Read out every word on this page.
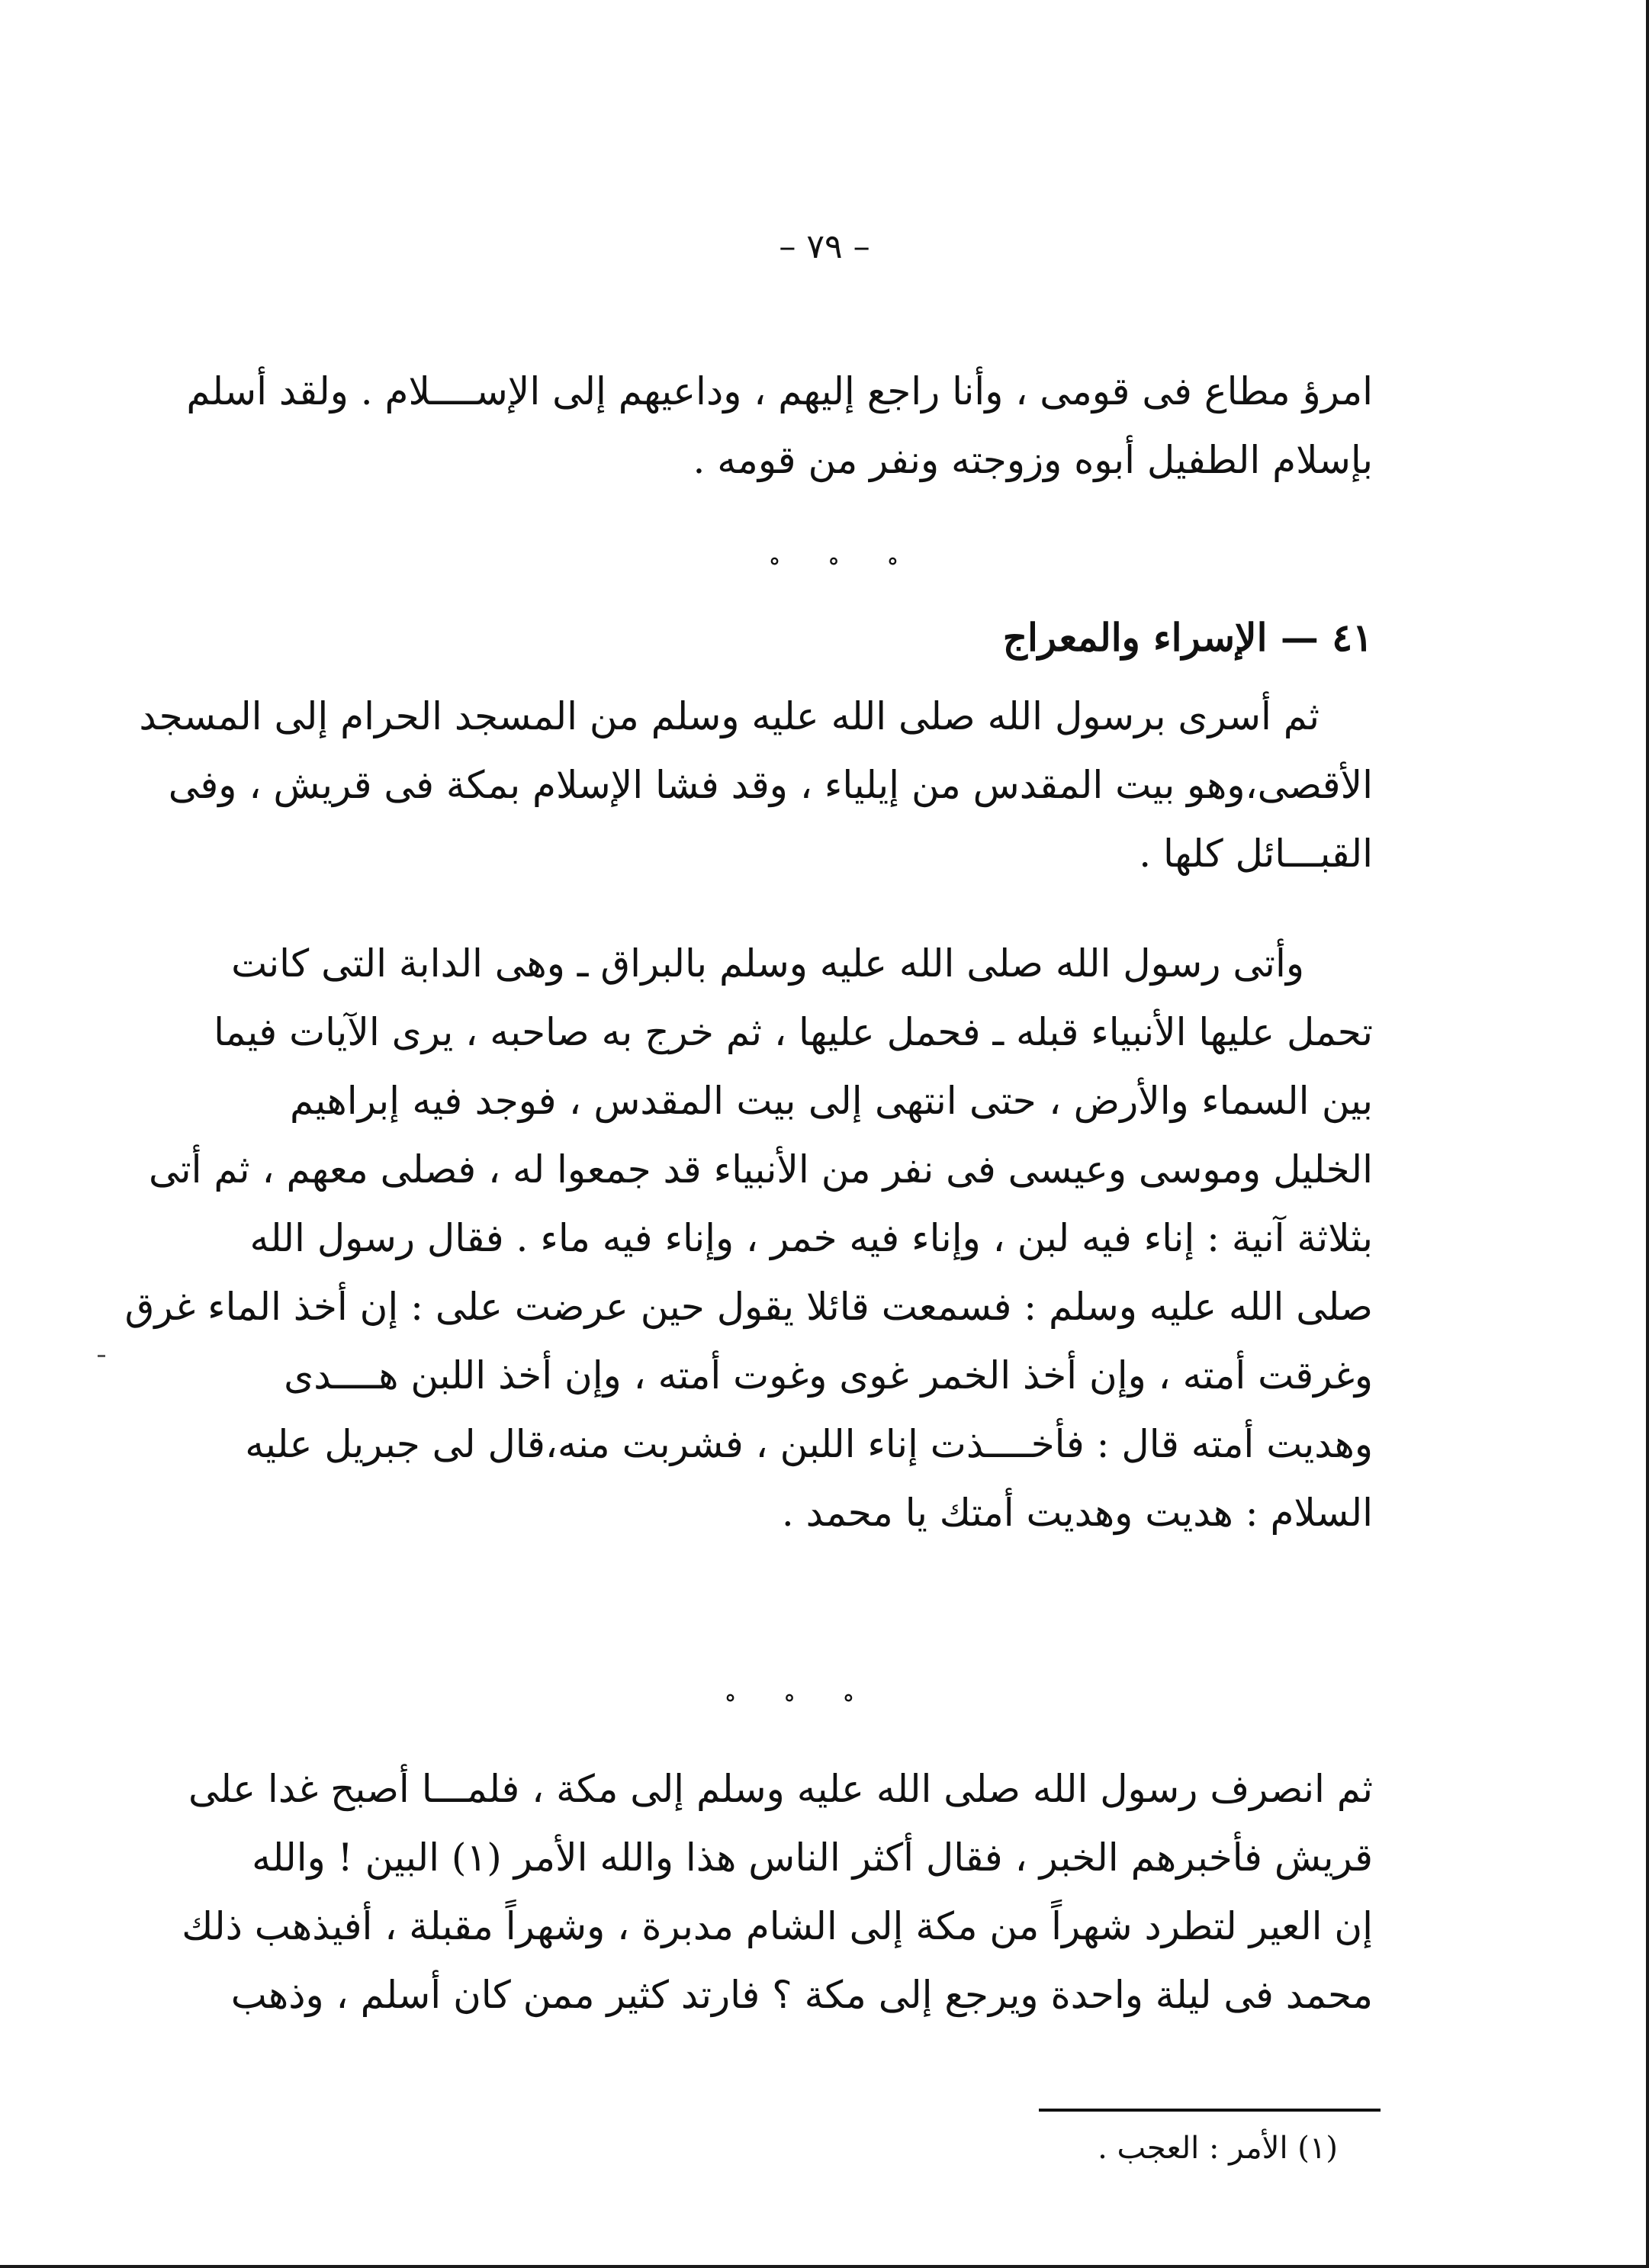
– ٧٩ –
امرؤ مطاع فى قومى ، وأنا راجع إليهم ، وداعيهم إلى الإســــلام . ولقد أسلم
بإسلام الطفيل أبوه وزوجته ونفر من قومه .
° ° °
٤١ — الإسراء والمعراج
ثم أسرى برسول الله صلى الله عليه وسلم من المسجد الحرام إلى المسجد
الأقصى،وهو بيت المقدس من إيلياء ، وقد فشا الإسلام بمكة فى قريش ، وفى
القبـــائل كلها .
وأتى رسول الله صلى الله عليه وسلم بالبراق ـ وهى الدابة التى كانت
تحمل عليها الأنبياء قبله ـ فحمل عليها ، ثم خرج به صاحبه ، يرى الآيات فيما
بين السماء والأرض ، حتى انتهى إلى بيت المقدس ، فوجد فيه إبراهيم
الخليل وموسى وعيسى فى نفر من الأنبياء قد جمعوا له ، فصلى معهم ، ثم أتى
بثلاثة آنية : إناء فيه لبن ، وإناء فيه خمر ، وإناء فيه ماء . فقال رسول الله
صلى الله عليه وسلم : فسمعت قائلا يقول حين عرضت على : إن أخذ الماء غرق
وغرقت أمته ، وإن أخذ الخمر غوى وغوت أمته ، وإن أخذ اللبن هــــدى
وهديت أمته قال : فأخــــذت إناء اللبن ، فشربت منه،قال لى جبريل عليه
السلام : هديت وهديت أمتك يا محمد .
° ° °
ثم انصرف رسول الله صلى الله عليه وسلم إلى مكة ، فلمـــا أصبح غدا على
قريش فأخبرهم الخبر ، فقال أكثر الناس هذا والله الأمر (١) البين ! والله
إن العير لتطرد شهراً من مكة إلى الشام مدبرة ، وشهراً مقبلة ، أفيذهب ذلك
محمد فى ليلة واحدة ويرجع إلى مكة ؟ فارتد كثير ممن كان أسلم ، وذهب
(١) الأمر : العجب .
